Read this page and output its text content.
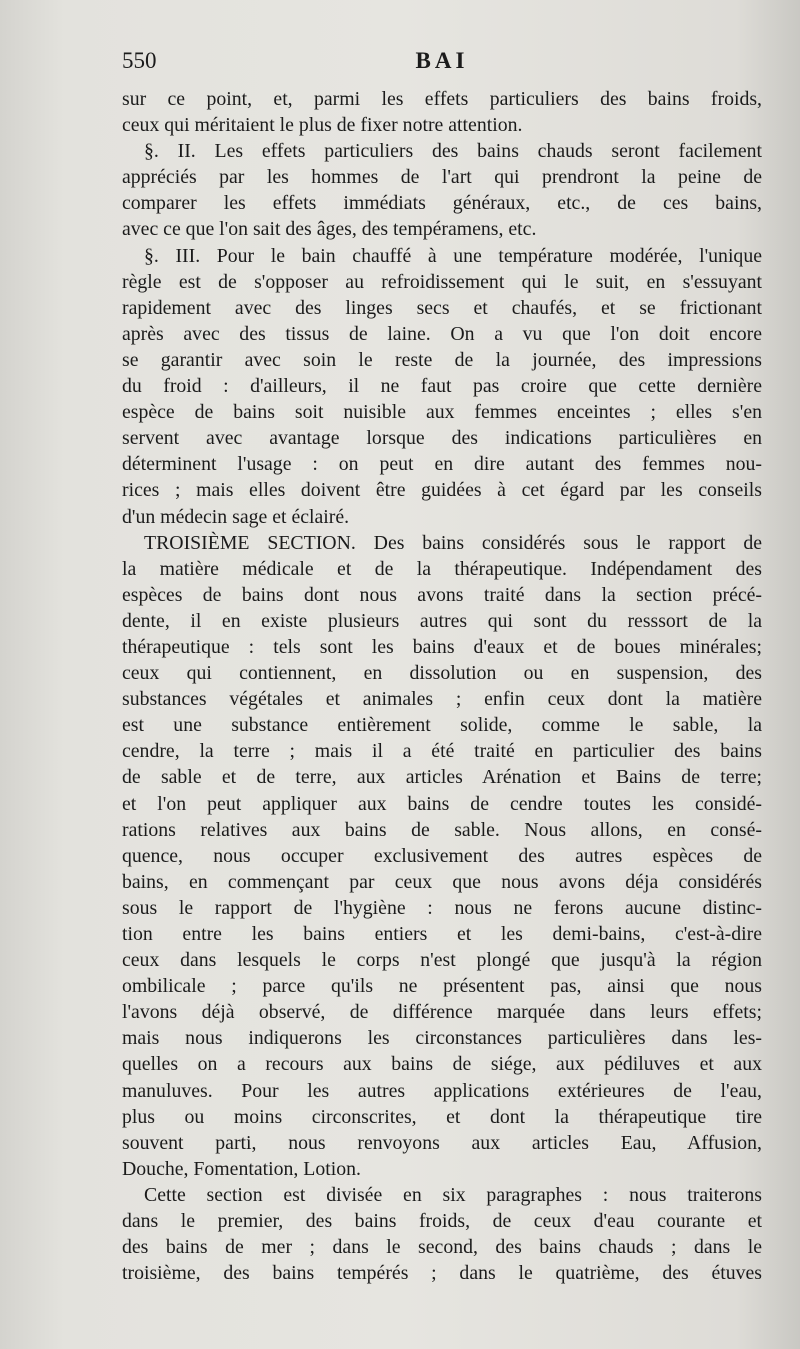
550	BAI

sur ce point, et, parmi les effets particuliers des bains froids,
ceux qui méritaient le plus de fixer notre attention.

§. II. Les effets particuliers des bains chauds seront facilement
appréciés par les hommes de l'art qui prendront la peine de
comparer les effets immédiats généraux, etc., de ces bains,
avec ce que l'on sait des âges, des tempéramens, etc.

§. III. Pour le bain chauffé à une température modérée, l'unique
règle est de s'opposer au refroidissement qui le suit, en s'essuyant
rapidement avec des linges secs et chaufés, et se frictionant
après avec des tissus de laine. On a vu que l'on doit encore
se garantir avec soin le reste de la journée, des impressions
du froid : d'ailleurs, il ne faut pas croire que cette dernière
espèce de bains soit nuisible aux femmes enceintes ; elles s'en
servent avec avantage lorsque des indications particulières en
déterminent l'usage : on peut en dire autant des femmes nou-
rices ; mais elles doivent être guidées à cet égard par les conseils
d'un médecin sage et éclairé.

TROISIÈME SECTION. Des bains considérés sous le rapport de
la matière médicale et de la thérapeutique. Indépendament des
espèces de bains dont nous avons traité dans la section précé-
dente, il en existe plusieurs autres qui sont du resssort de la
thérapeutique : tels sont les bains d'eaux et de boues minérales;
ceux qui contiennent, en dissolution ou en suspension, des
substances végétales et animales ; enfin ceux dont la matière
est une substance entièrement solide, comme le sable, la
cendre, la terre ; mais il a été traité en particulier des bains
de sable et de terre, aux articles Arénation et Bains de terre;
et l'on peut appliquer aux bains de cendre toutes les considé-
rations relatives aux bains de sable. Nous allons, en consé-
quence, nous occuper exclusivement des autres espèces de
bains, en commençant par ceux que nous avons déja considérés
sous le rapport de l'hygiène : nous ne ferons aucune distinc-
tion entre les bains entiers et les demi-bains, c'est-à-dire
ceux dans lesquels le corps n'est plongé que jusqu'à la région
ombilicale ; parce qu'ils ne présentent pas, ainsi que nous
l'avons déjà observé, de différence marquée dans leurs effets;
mais nous indiquerons les circonstances particulières dans les-
quelles on a recours aux bains de siége, aux pédiluves et aux
manuluves. Pour les autres applications extérieures de l'eau,
plus ou moins circonscrites, et dont la thérapeutique tire
souvent parti, nous renvoyons aux articles Eau, Affusion,
Douche, Fomentation, Lotion.

Cette section est divisée en six paragraphes : nous traiterons
dans le premier, des bains froids, de ceux d'eau courante et
des bains de mer ; dans le second, des bains chauds ; dans le
troisième, des bains tempérés ; dans le quatrième, des étuves
